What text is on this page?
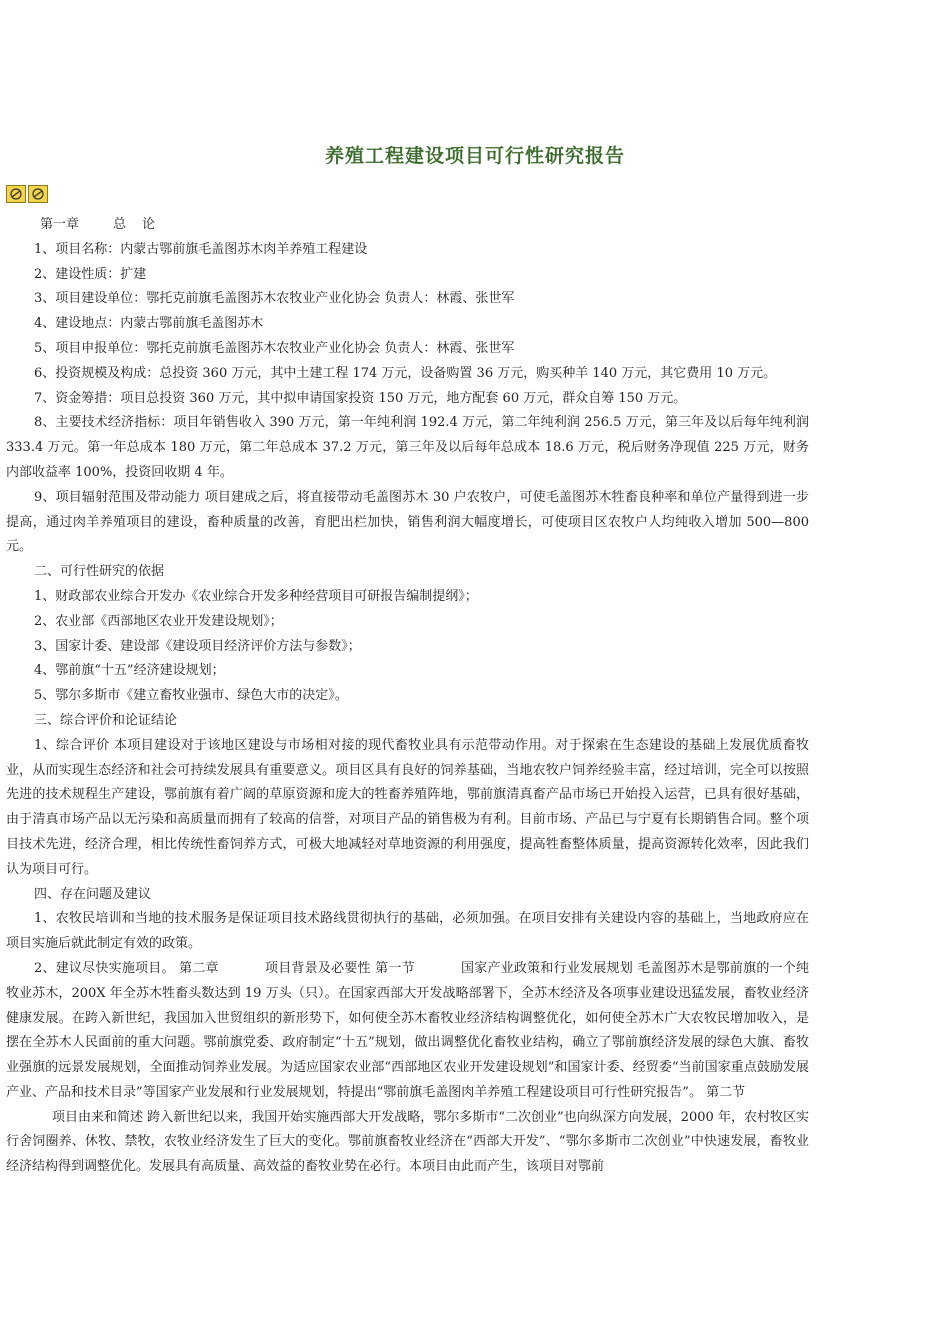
养殖工程建设项目可行性研究报告

第一章	总 论

1、项目名称：内蒙古鄂前旗毛盖图苏木肉羊养殖工程建设

2、建设性质：扩建

3、项目建设单位：鄂托克前旗毛盖图苏木农牧业产业化协会 负责人：林霞、张世军

4、建设地点：内蒙古鄂前旗毛盖图苏木

5、项目申报单位：鄂托克前旗毛盖图苏木农牧业产业化协会 负责人：林霞、张世军

6、投资规模及构成：总投资 360 万元，其中土建工程 174 万元，设备购置 36 万元，购买种羊 140 万元，其它费用 10 万元。

7、资金筹措：项目总投资 360 万元，其中拟申请国家投资 150 万元，地方配套 60 万元，群众自筹 150 万元。

8、主要技术经济指标：项目年销售收入 390 万元，第一年纯利润 192.4 万元，第二年纯利润 256.5 万元，第三年及以后每年纯利润 333.4 万元。第一年总成本 180 万元，第二年总成本 37.2 万元，第三年及以后每年总成本 18.6 万元，税后财务净现值 225 万元，财务内部收益率 100%，投资回收期 4 年。

9、项目辐射范围及带动能力 项目建成之后，将直接带动毛盖图苏木 30 户农牧户，可使毛盖图苏木牲畜良种率和单位产量得到进一步提高，通过肉羊养殖项目的建设，畜种质量的改善，育肥出栏加快，销售利润大幅度增长，可使项目区农牧户人均纯收入增加 500—800 元。

二、可行性研究的依据

1、财政部农业综合开发办《农业综合开发多种经营项目可研报告编制提纲》；

2、农业部《西部地区农业开发建设规划》；

3、国家计委、建设部《建设项目经济评价方法与参数》；

4、鄂前旗“十五”经济建设规划；

5、鄂尔多斯市《建立畜牧业强市、绿色大市的决定》。

三、综合评价和论证结论

1、综合评价 本项目建设对于该地区建设与市场相对接的现代畜牧业具有示范带动作用。对于探索在生态建设的基础上发展优质畜牧业，从而实现生态经济和社会可持续发展具有重要意义。项目区具有良好的饲养基础，当地农牧户饲养经验丰富，经过培训，完全可以按照先进的技术规程生产建设，鄂前旗有着广阔的草原资源和庞大的牲畜养殖阵地，鄂前旗清真畜产品市场已开始投入运营，已具有很好基础，由于清真市场产品以无污染和高质量而拥有了较高的信誉，对项目产品的销售极为有利。目前市场、产品已与宁夏有长期销售合同。整个项目技术先进，经济合理，相比传统性畜饲养方式，可极大地减轻对草地资源的利用强度，提高牲畜整体质量，提高资源转化效率，因此我们认为项目可行。

四、存在问题及建议

1、农牧民培训和当地的技术服务是保证项目技术路线贯彻执行的基础，必须加强。在项目安排有关建设内容的基础上，当地政府应在项目实施后就此制定有效的政策。

2、建议尽快实施项目。 第二章	项目背景及必要性 第一节	国家产业政策和行业发展规划 毛盖图苏木是鄂前旗的一个纯牧业苏木，200X 年全苏木牲畜头数达到 19 万头（只）。在国家西部大开发战略部署下，全苏木经济及各项事业建设迅猛发展，畜牧业经济健康发展。在跨入新世纪，我国加入世贸组织的新形势下，如何使全苏木畜牧业经济结构调整优化，如何使全苏木广大农牧民增加收入，是摆在全苏木人民面前的重大问题。鄂前旗党委、政府制定“十五”规划，做出调整优化畜牧业结构，确立了鄂前旗经济发展的绿色大旗、畜牧业强旗的远景发展规划，全面推动饲养业发展。为适应国家农业部“西部地区农业开发建设规划”和国家计委、经贸委“当前国家重点鼓励发展产业、产品和技术目录”等国家产业发展和行业发展规划，特提出“鄂前旗毛盖图肉羊养殖工程建设项目可行性研究报告”。 第二节

项目由来和简述 跨入新世纪以来，我国开始实施西部大开发战略，鄂尔多斯市“二次创业”也向纵深方向发展，2000 年，农村牧区实行舍饲圈养、休牧、禁牧，农牧业经济发生了巨大的变化。鄂前旗畜牧业经济在“西部大开发”、“鄂尔多斯市二次创业”中快速发展，畜牧业经济结构得到调整优化。发展具有高质量、高效益的畜牧业势在必行。本项目由此而产生，该项目对鄂前
